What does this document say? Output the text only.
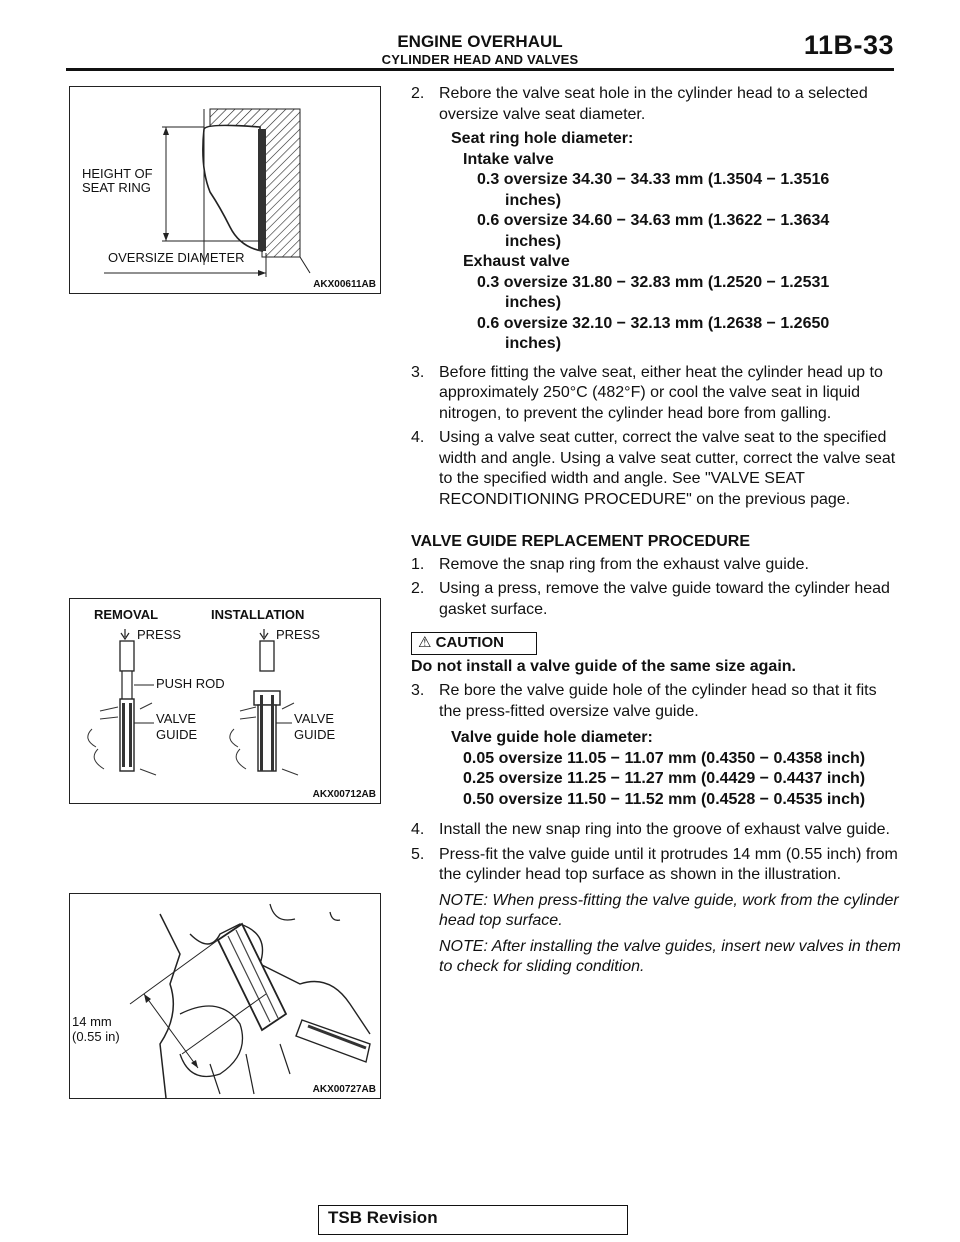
ENGINE OVERHAUL
CYLINDER HEAD AND VALVES	11B-33
HEIGHT OF
SEAT RING
OVERSIZE DIAMETER
AKX00611AB
REMOVAL	INSTALLATION
PRESS	PRESS
PUSH ROD
VALVE
GUIDE
VALVE
GUIDE
AKX00712AB
14 mm
(0.55 in)
AKX00727AB
2. Rebore the valve seat hole in the cylinder head to a selected oversize valve seat diameter.
Seat ring hole diameter:
Intake valve
0.3 oversize 34.30 − 34.33 mm (1.3504 − 1.3516
inches)
0.6 oversize 34.60 − 34.63 mm (1.3622 − 1.3634
inches)
Exhaust valve
0.3 oversize 31.80 − 32.83 mm (1.2520 − 1.2531
inches)
0.6 oversize 32.10 − 32.13 mm (1.2638 − 1.2650
inches)
3. Before fitting the valve seat, either heat the cylinder head up to approximately 250°C (482°F) or cool the valve seat in liquid nitrogen, to prevent the cylinder head bore from galling.
4. Using a valve seat cutter, correct the valve seat to the specified width and angle. Using a valve seat cutter, correct the valve seat to the specified width and angle. See "VALVE SEAT RECONDITIONING PROCEDURE" on the previous page.
VALVE GUIDE REPLACEMENT PROCEDURE
1. Remove the snap ring from the exhaust valve guide.
2. Using a press, remove the valve guide toward the cylinder head gasket surface.
⚠ CAUTION
Do not install a valve guide of the same size again.
3. Re bore the valve guide hole of the cylinder head so that it fits the press-fitted oversize valve guide.
Valve guide hole diameter:
0.05 oversize 11.05 − 11.07 mm (0.4350 − 0.4358 inch)
0.25 oversize 11.25 − 11.27 mm (0.4429 − 0.4437 inch)
0.50 oversize 11.50 − 11.52 mm (0.4528 − 0.4535 inch)
4. Install the new snap ring into the groove of exhaust valve guide.
5. Press-fit the valve guide until it protrudes 14 mm (0.55 inch) from the cylinder head top surface as shown in the illustration.
NOTE: When press-fitting the valve guide, work from the cylinder head top surface.
NOTE: After installing the valve guides, insert new valves in them to check for sliding condition.
TSB Revision
